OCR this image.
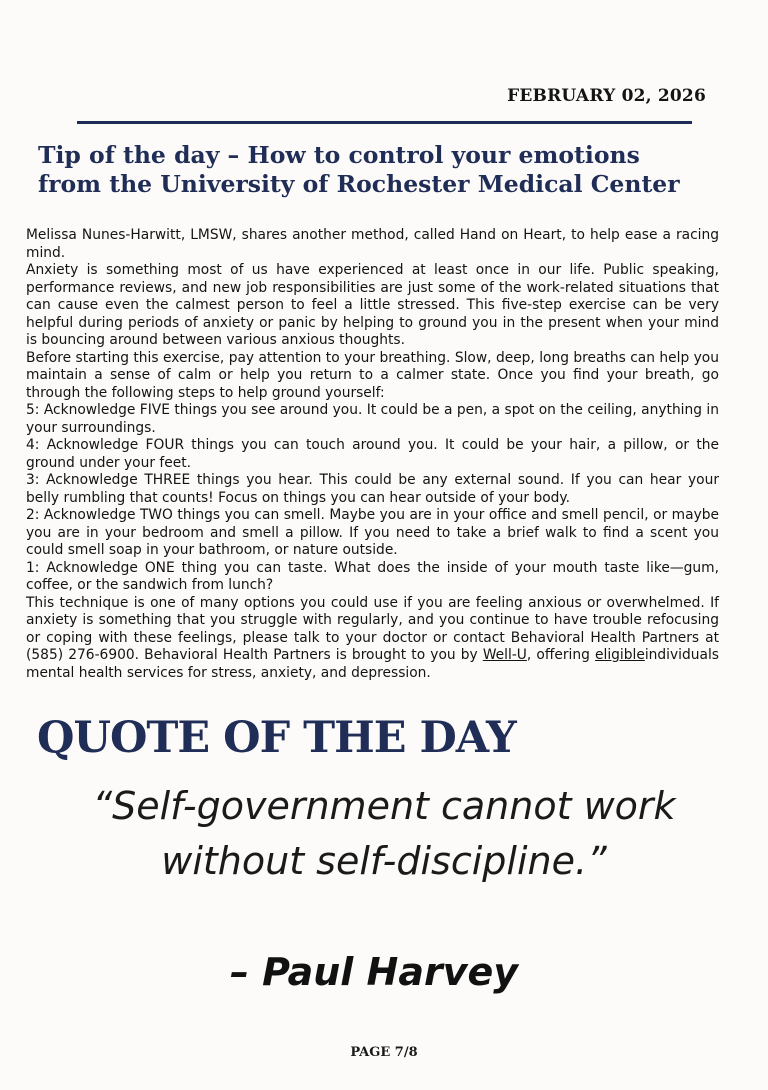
FEBRUARY 02, 2026

Tip of the day – How to control your emotions
from the University of Rochester Medical Center

Melissa Nunes-Harwitt, LMSW, shares another method, called Hand on Heart, to help ease a racing mind.

Anxiety is something most of us have experienced at least once in our life. Public speaking, performance reviews, and new job responsibilities are just some of the work-related situations that can cause even the calmest person to feel a little stressed. This five-step exercise can be very helpful during periods of anxiety or panic by helping to ground you in the present when your mind is bouncing around between various anxious thoughts.

Before starting this exercise, pay attention to your breathing. Slow, deep, long breaths can help you maintain a sense of calm or help you return to a calmer state. Once you find your breath, go through the following steps to help ground yourself:

5: Acknowledge FIVE things you see around you. It could be a pen, a spot on the ceiling, anything in your surroundings.

4: Acknowledge FOUR things you can touch around you. It could be your hair, a pillow, or the ground under your feet.

3: Acknowledge THREE things you hear. This could be any external sound. If you can hear your belly rumbling that counts! Focus on things you can hear outside of your body.

2: Acknowledge TWO things you can smell. Maybe you are in your office and smell pencil, or maybe you are in your bedroom and smell a pillow. If you need to take a brief walk to find a scent you could smell soap in your bathroom, or nature outside.

1: Acknowledge ONE thing you can taste. What does the inside of your mouth taste like—gum, coffee, or the sandwich from lunch?

This technique is one of many options you could use if you are feeling anxious or overwhelmed. If anxiety is something that you struggle with regularly, and you continue to have trouble refocusing or coping with these feelings, please talk to your doctor or contact Behavioral Health Partners at (585) 276-6900. Behavioral Health Partners is brought to you by Well-U, offering eligibleindividuals mental health services for stress, anxiety, and depression.

QUOTE OF THE DAY

“Self-government cannot work
without self-discipline.”

– Paul Harvey

PAGE 7/8
